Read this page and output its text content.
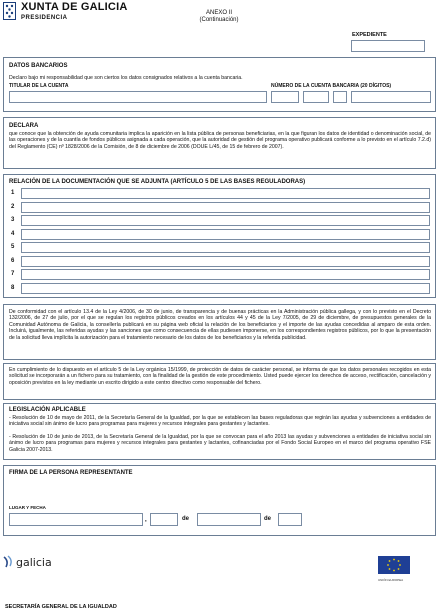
XUNTA DE GALICIA
PRESIDENCIA
ANEXO II
(Continuación)
EXPEDIENTE
DATOS BANCARIOS
Declaro bajo mi responsabilidad que son ciertos los datos consignados relativos a la cuenta bancaria.
TITULAR DE LA CUENTA	NÚMERO DE LA CUENTA BANCARIA (20 DÍGITOS)
DECLARA
que conoce que la obtención de ayuda comunitaria implica la aparición en la lista pública de personas beneficiarias, en la que figuran los datos de identidad o denominación social, de las operaciones y de la cuantía de fondos públicos asignada a cada operación, que la autoridad de gestión del programa operativo publicará conforme a lo previsto en el artículo 7.2.d) del Reglamento (CE) nº 1828/2006 de la Comisión, de 8 de diciembre de 2006 (DOUE L/45, de 15 de febrero de 2007).
RELACIÓN DE LA DOCUMENTACIÓN QUE SE ADJUNTA (ARTÍCULO 5 DE LAS BASES REGULADORAS)
1
2
3
4
5
6
7
8
De conformidad con el artículo 13.4 de la Ley 4/2006, de 30 de junio, de transparencia y de buenas prácticas en la Administración pública gallega, y con lo previsto en el Decreto 132/2006, de 27 de julio, por el que se regulan los registros públicos creados en los artículos 44 y 45 de la Ley 7/2005, de 29 de diciembre, de presupuestos generales de la Comunidad Autónoma de Galicia, la consellería publicará en su página web oficial la relación de los beneficiarios y el importe de las ayudas concedidas al amparo de esta orden. Incluirá, igualmente, las referidas ayudas y las sanciones que como consecuencia de ellas pudiesen imponerse, en los correspondientes registros públicos, por lo que la presentación de la solicitud lleva implícita la autorización para el tratamiento necesario de los datos de los beneficiarios y la referida publicidad.
En cumplimiento de lo dispuesto en el artículo 5 de la Ley orgánica 15/1999, de protección de datos de carácter personal, se informa de que los datos personales recogidos en esta solicitud se incorporarán a un fichero para su tratamiento, con la finalidad de la gestión de este procedimiento. Usted puede ejercer los derechos de acceso, rectificación, cancelación y oposición previstos en la ley mediante un escrito dirigido a este centro directivo como responsable del fichero.
LEGISLACIÓN APLICABLE
- Resolución de 10 de mayo de 2011, de la Secretaría General de la Igualdad, por la que se establecen las bases reguladoras que regirán las ayudas y subvenciones a entidades de iniciativa social sin ánimo de lucro para programas para mujeres y recursos integrales para gestantes y lactantes.
- Resolución de 10 de junio de 2013, de la Secretaría General de la Igualdad, por la que se convocan para el año 2013 las ayudas y subvenciones a entidades de iniciativa social sin ánimo de lucro para programas para mujeres y recursos integrales para gestantes y lactantes, cofinanciadas por el Fondo Social Europeo en el marco del programa operativo FSE Galicia 2007-2013.
FIRMA DE LA PERSONA REPRESENTANTE
LUGAR Y FECHA
,	de	de
galicia
UNIÓN EUROPEA
SECRETARÍA GENERAL DE LA IGUALDAD
